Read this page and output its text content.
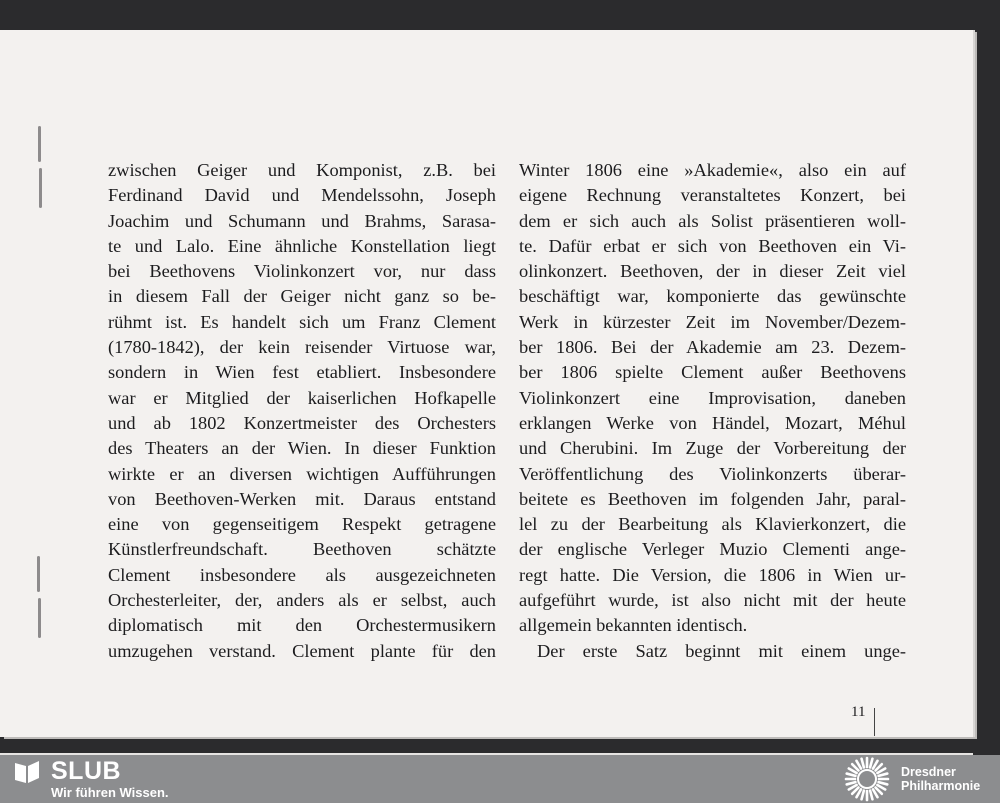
zwischen Geiger und Komponist, z.B. bei
Ferdinand David und Mendelssohn, Joseph
Joachim und Schumann und Brahms, Sarasa-
te und Lalo. Eine ähnliche Konstellation liegt
bei Beethovens Violinkonzert vor, nur dass
in diesem Fall der Geiger nicht ganz so be-
rühmt ist. Es handelt sich um Franz Clement
(1780-1842), der kein reisender Virtuose war,
sondern in Wien fest etabliert. Insbesondere
war er Mitglied der kaiserlichen Hofkapelle
und ab 1802 Konzertmeister des Orchesters
des Theaters an der Wien. In dieser Funktion
wirkte er an diversen wichtigen Aufführungen
von Beethoven-Werken mit. Daraus entstand
eine von gegenseitigem Respekt getragene
Künstlerfreundschaft. Beethoven schätzte
Clement insbesondere als ausgezeichneten
Orchesterleiter, der, anders als er selbst, auch
diplomatisch mit den Orchestermusikern
umzugehen verstand. Clement plante für den
Winter 1806 eine »Akademie«, also ein auf
eigene Rechnung veranstaltetes Konzert, bei
dem er sich auch als Solist präsentieren woll-
te. Dafür erbat er sich von Beethoven ein Vi-
olinkonzert. Beethoven, der in dieser Zeit viel
beschäftigt war, komponierte das gewünschte
Werk in kürzester Zeit im November/Dezem-
ber 1806. Bei der Akademie am 23. Dezem-
ber 1806 spielte Clement außer Beethovens
Violinkonzert eine Improvisation, daneben
erklangen Werke von Händel, Mozart, Méhul
und Cherubini. Im Zuge der Vorbereitung der
Veröffentlichung des Violinkonzerts überar-
beitete es Beethoven im folgenden Jahr, paral-
lel zu der Bearbeitung als Klavierkonzert, die
der englische Verleger Muzio Clementi ange-
regt hatte. Die Version, die 1806 in Wien ur-
aufgeführt wurde, ist also nicht mit der heute
allgemein bekannten identisch.
Der erste Satz beginnt mit einem unge-
11
SLUB
Wir führen Wissen.
Dresdner
Philharmonie
